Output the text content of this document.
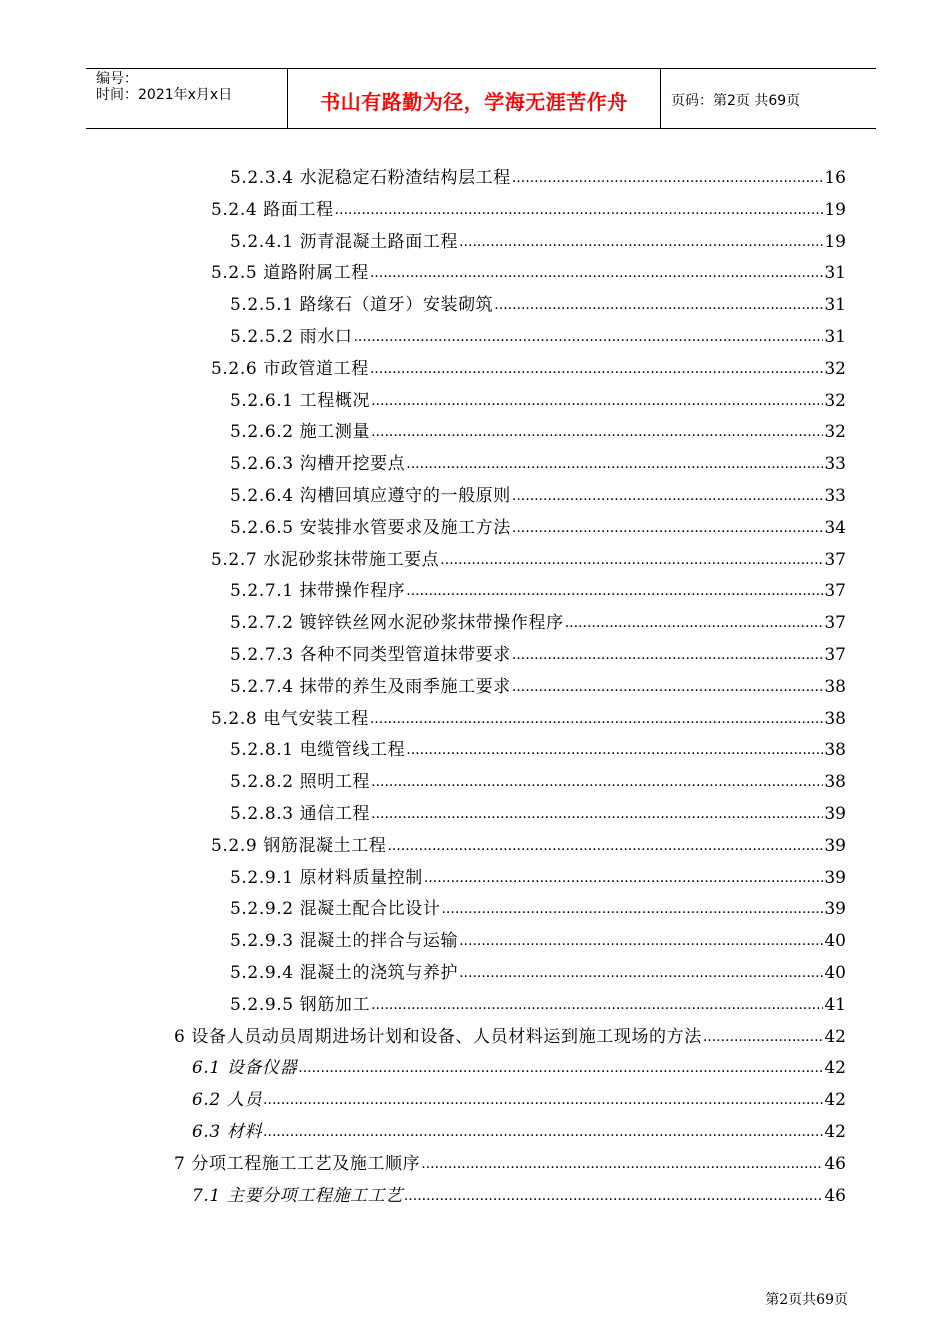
编号：
时间：2021年x月x日	书山有路勤为径，学海无涯苦作舟	页码：第2页 共69页
5.2.3.4 水泥稳定石粉渣结构层工程 .....	16
5.2.4 路面工程 .....	19
5.2.4.1 沥青混凝土路面工程 .....	19
5.2.5 道路附属工程 .....	31
5.2.5.1 路缘石（道牙）安装砌筑 .....	31
5.2.5.2 雨水口 .....	31
5.2.6 市政管道工程 .....	32
5.2.6.1 工程概况 .....	32
5.2.6.2 施工测量 .....	32
5.2.6.3 沟槽开挖要点 .....	33
5.2.6.4 沟槽回填应遵守的一般原则 .....	33
5.2.6.5 安装排水管要求及施工方法 .....	34
5.2.7 水泥砂浆抹带施工要点 .....	37
5.2.7.1 抹带操作程序 .....	37
5.2.7.2 镀锌铁丝网水泥砂浆抹带操作程序 .....	37
5.2.7.3 各种不同类型管道抹带要求 .....	37
5.2.7.4 抹带的养生及雨季施工要求 .....	38
5.2.8 电气安装工程 .....	38
5.2.8.1 电缆管线工程 .....	38
5.2.8.2 照明工程 .....	38
5.2.8.3 通信工程 .....	39
5.2.9 钢筋混凝土工程 .....	39
5.2.9.1 原材料质量控制 .....	39
5.2.9.2 混凝土配合比设计 .....	39
5.2.9.3 混凝土的拌合与运输 .....	40
5.2.9.4 混凝土的浇筑与养护 .....	40
5.2.9.5 钢筋加工 .....	41
6 设备人员动员周期进场计划和设备、人员材料运到施工现场的方法 .....	42
6.1 设备仪器 .....	42
6.2 人员 .....	42
6.3 材料 .....	42
7 分项工程施工工艺及施工顺序 .....	46
7.1 主要分项工程施工工艺 .....	46
第2页共69页
